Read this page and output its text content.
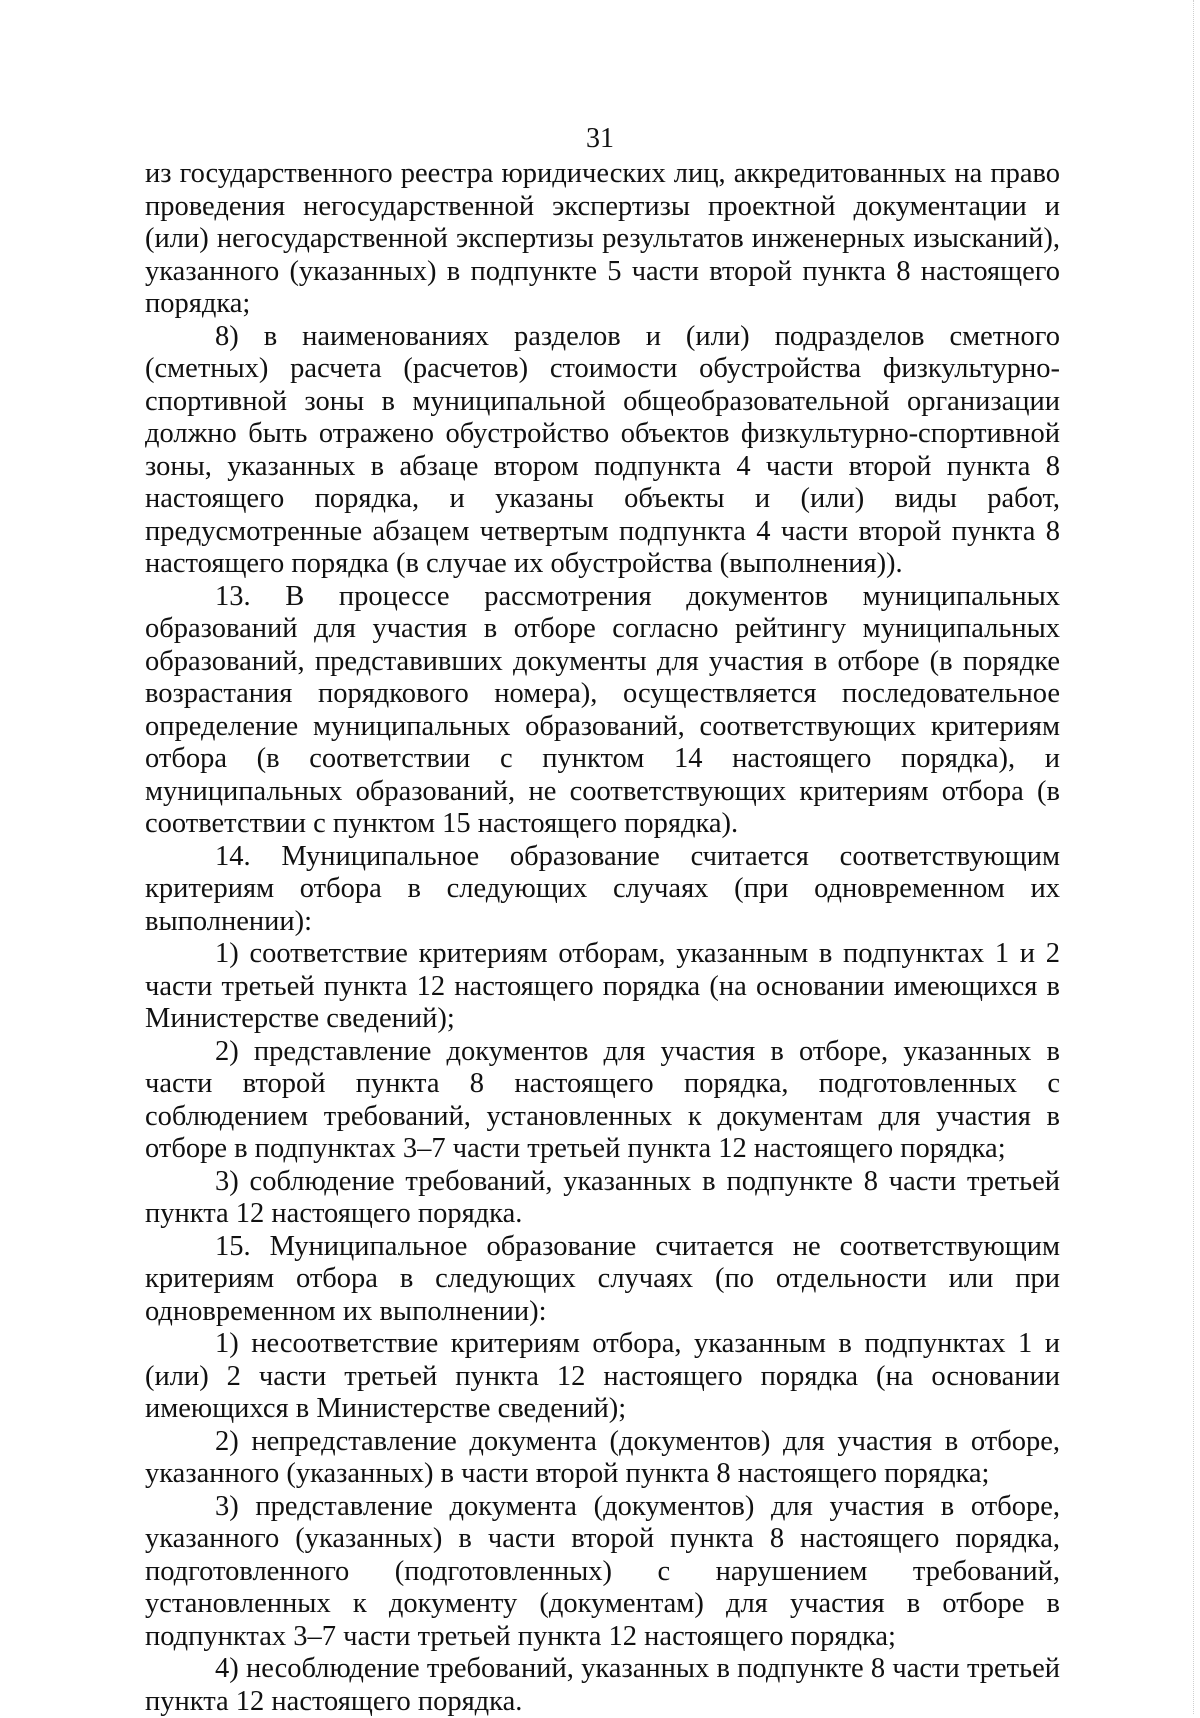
31

из государственного реестра юридических лиц, аккредитованных на право проведения негосударственной экспертизы проектной документации и (или) негосударственной экспертизы результатов инженерных изысканий), указанного (указанных) в подпункте 5 части второй пункта 8 настоящего порядка;

8) в наименованиях разделов и (или) подразделов сметного (сметных) расчета (расчетов) стоимости обустройства физкультурно-спортивной зоны в муниципальной общеобразовательной организации должно быть отражено обустройство объектов физкультурно-спортивной зоны, указанных в абзаце втором подпункта 4 части второй пункта 8 настоящего порядка, и указаны объекты и (или) виды работ, предусмотренные абзацем четвертым подпункта 4 части второй пункта 8 настоящего порядка (в случае их обустройства (выполнения)).

13. В процессе рассмотрения документов муниципальных образований для участия в отборе согласно рейтингу муниципальных образований, представивших документы для участия в отборе (в порядке возрастания порядкового номера), осуществляется последовательное определение муниципальных образований, соответствующих критериям отбора (в соответствии с пунктом 14 настоящего порядка), и муниципальных образований, не соответствующих критериям отбора (в соответствии с пунктом 15 настоящего порядка).

14. Муниципальное образование считается соответствующим критериям отбора в следующих случаях (при одновременном их выполнении):

1) соответствие критериям отборам, указанным в подпунктах 1 и 2 части третьей пункта 12 настоящего порядка (на основании имеющихся в Министерстве сведений);

2) представление документов для участия в отборе, указанных в части второй пункта 8 настоящего порядка, подготовленных с соблюдением требований, установленных к документам для участия в отборе в подпунктах 3–7 части третьей пункта 12 настоящего порядка;

3) соблюдение требований, указанных в подпункте 8 части третьей пункта 12 настоящего порядка.

15. Муниципальное образование считается не соответствующим критериям отбора в следующих случаях (по отдельности или при одновременном их выполнении):

1) несоответствие критериям отбора, указанным в подпунктах 1 и (или) 2 части третьей пункта 12 настоящего порядка (на основании имеющихся в Министерстве сведений);

2) непредставление документа (документов) для участия в отборе, указанного (указанных) в части второй пункта 8 настоящего порядка;

3) представление документа (документов) для участия в отборе, указанного (указанных) в части второй пункта 8 настоящего порядка, подготовленного (подготовленных) с нарушением требований, установленных к документу (документам) для участия в отборе в подпунктах 3–7 части третьей пункта 12 настоящего порядка;

4) несоблюдение требований, указанных в подпункте 8 части третьей пункта 12 настоящего порядка.
